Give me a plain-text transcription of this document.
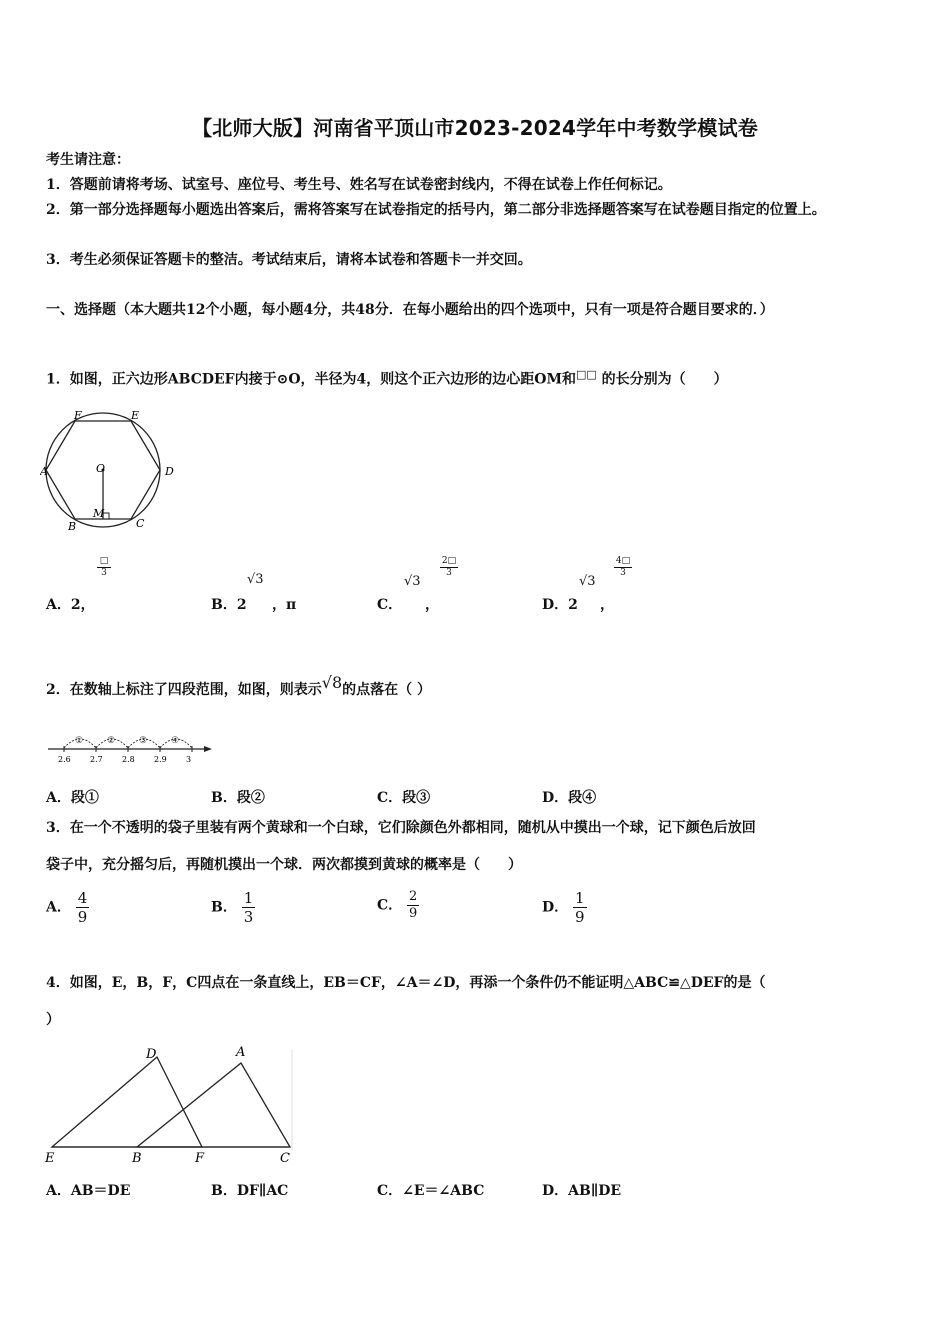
【北师大版】河南省平顶山市2023-2024学年中考数学模试卷
考生请注意：
1．答题前请将考场、试室号、座位号、考生号、姓名写在试卷密封线内，不得在试卷上作任何标记。
2．第一部分选择题每小题选出答案后，需将答案写在试卷指定的括号内，第二部分非选择题答案写在试卷题目指定的位置上。
3．考生必须保证答题卡的整洁。考试结束后，请将本试卷和答题卡一并交回。
一、选择题（本大题共12个小题，每小题4分，共48分．在每小题给出的四个选项中，只有一项是符合题目要求的．）
1．如图，正六边形ABCDEF内接于⊙O，半径为4，则这个正六边形的边心距OM和□□ 的长分别为（　　）
F	E
A	D
O
M
B	C
A．2，
□
3
B．2
√3
，π	C．
√3
，
2□
3
D．2
√3
，
4□
3
2．在数轴上标注了四段范围，如图，则表示√8的点落在（ ）
2.6 2.7 2.8 2.9 3
①	②	③	④
A．段①	B．段②	C．段③	D．段④
3．在一个不透明的袋子里装有两个黄球和一个白球，它们除颜色外都相同，随机从中摸出一个球，记下颜色后放回
袋子中，充分摇匀后，再随机摸出一个球．两次都摸到黄球的概率是（　　）
A． $\frac{4}{9}$	B． $\frac{1}{3}$	C． $\frac{2}{9}$	D． $\frac{1}{9}$
4．如图，E，B，F，C四点在一条直线上，EB＝CF，∠A＝∠D，再添一个条件仍不能证明△ABC≌△DEF的是（
）
D	A
E	B	F	C
A．AB＝DE	B．DF∥AC	C．∠E＝∠ABC	D．AB∥DE
